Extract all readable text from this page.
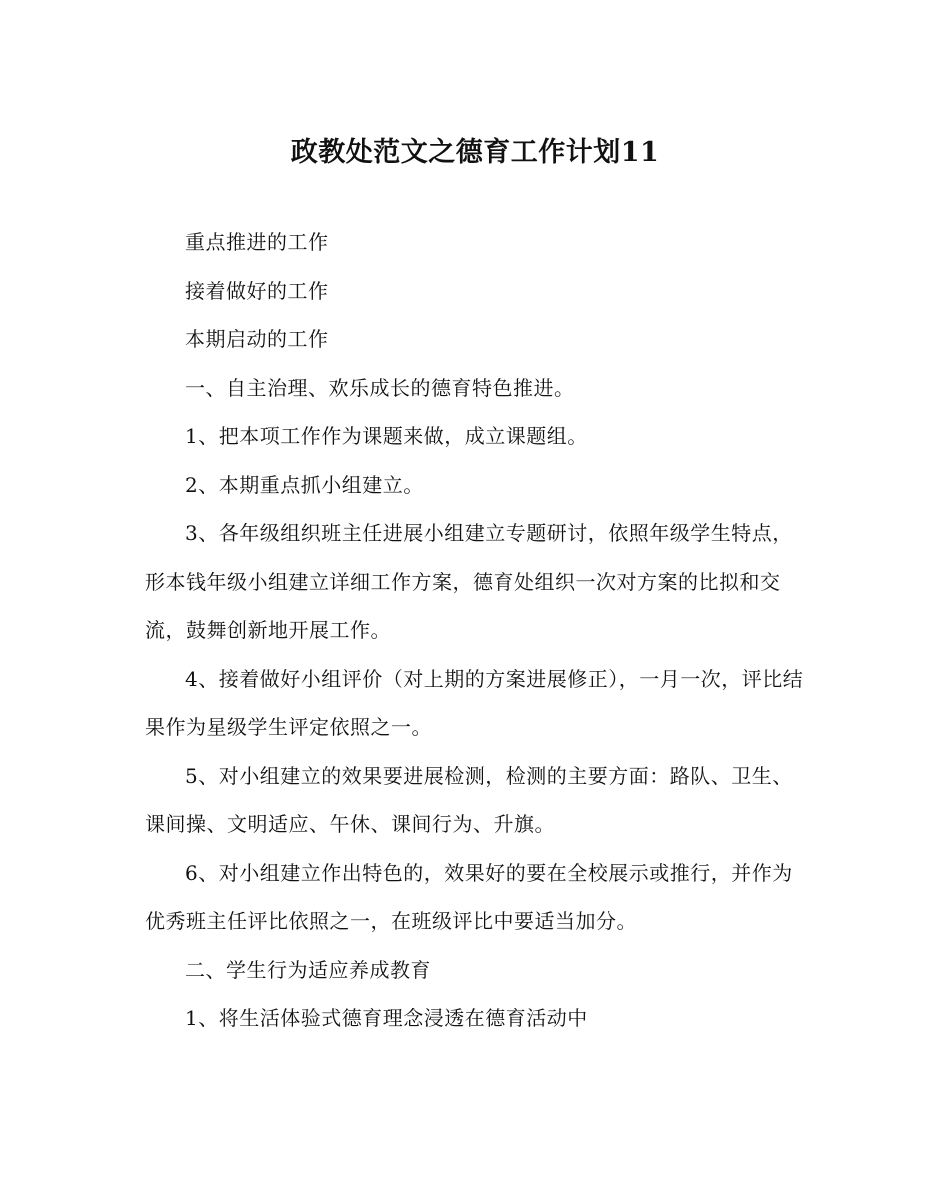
政教处范文之德育工作计划11

重点推进的工作

接着做好的工作

本期启动的工作

一、自主治理、欢乐成长的德育特色推进。

1、把本项工作作为课题来做，成立课题组。

2、本期重点抓小组建立。

3、各年级组织班主任进展小组建立专题研讨，依照年级学生特点，形本钱年级小组建立详细工作方案，德育处组织一次对方案的比拟和交流，鼓舞创新地开展工作。

4、接着做好小组评价（对上期的方案进展修正），一月一次，评比结果作为星级学生评定依照之一。

5、对小组建立的效果要进展检测，检测的主要方面：路队、卫生、课间操、文明适应、午休、课间行为、升旗。

6、对小组建立作出特色的，效果好的要在全校展示或推行，并作为优秀班主任评比依照之一，在班级评比中要适当加分。

二、学生行为适应养成教育

1、将生活体验式德育理念浸透在德育活动中
